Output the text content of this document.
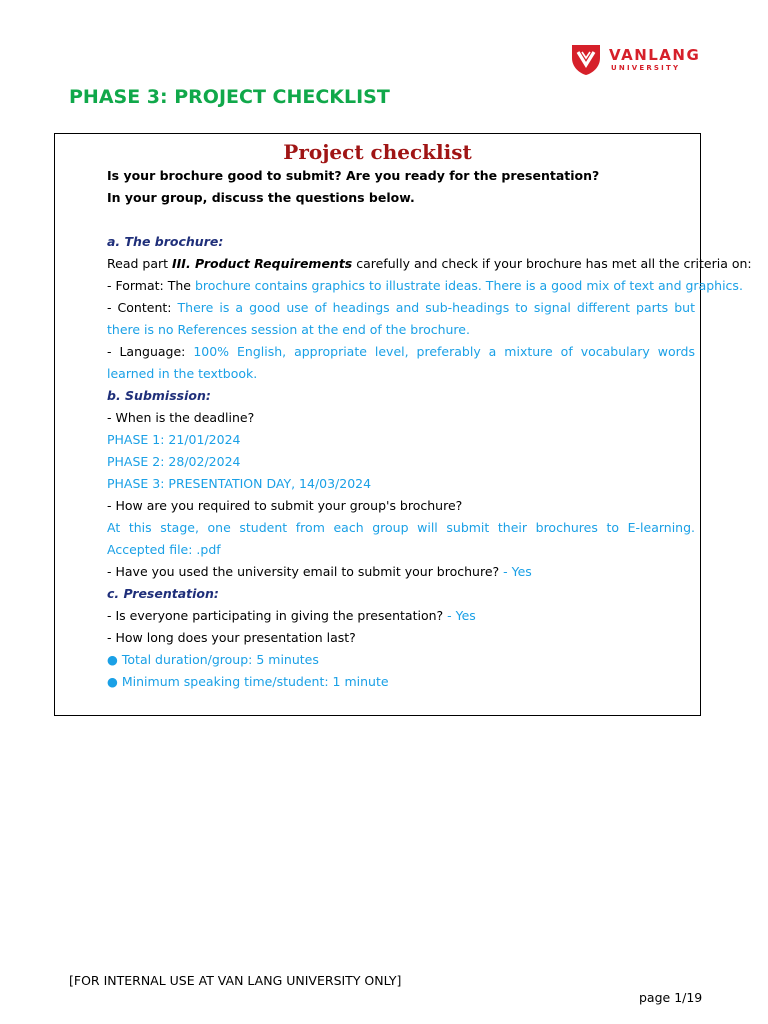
VANLANG
UNIVERSITY
PHASE 3: PROJECT CHECKLIST
Project checklist
Is your brochure good to submit? Are you ready for the presentation?
In your group, discuss the questions below.
a. The brochure:
Read part III. Product Requirements carefully and check if your brochure has met all the criteria on:
- Format: The brochure contains graphics to illustrate ideas. There is a good mix of text and graphics.
- Content: There is a good use of headings and sub-headings to signal different parts but there is no References session at the end of the brochure.
- Language: 100% English, appropriate level, preferably a mixture of vocabulary words learned in the textbook.
b. Submission:
- When is the deadline?
PHASE 1: 21/01/2024
PHASE 2: 28/02/2024
PHASE 3: PRESENTATION DAY, 14/03/2024
- How are you required to submit your group's brochure?
At this stage, one student from each group will submit their brochures to E-learning. Accepted file: .pdf
- Have you used the university email to submit your brochure? - Yes
c. Presentation:
- Is everyone participating in giving the presentation? - Yes
- How long does your presentation last?
● Total duration/group: 5 minutes
● Minimum speaking time/student: 1 minute
[FOR INTERNAL USE AT VAN LANG UNIVERSITY ONLY]
page 1/19
